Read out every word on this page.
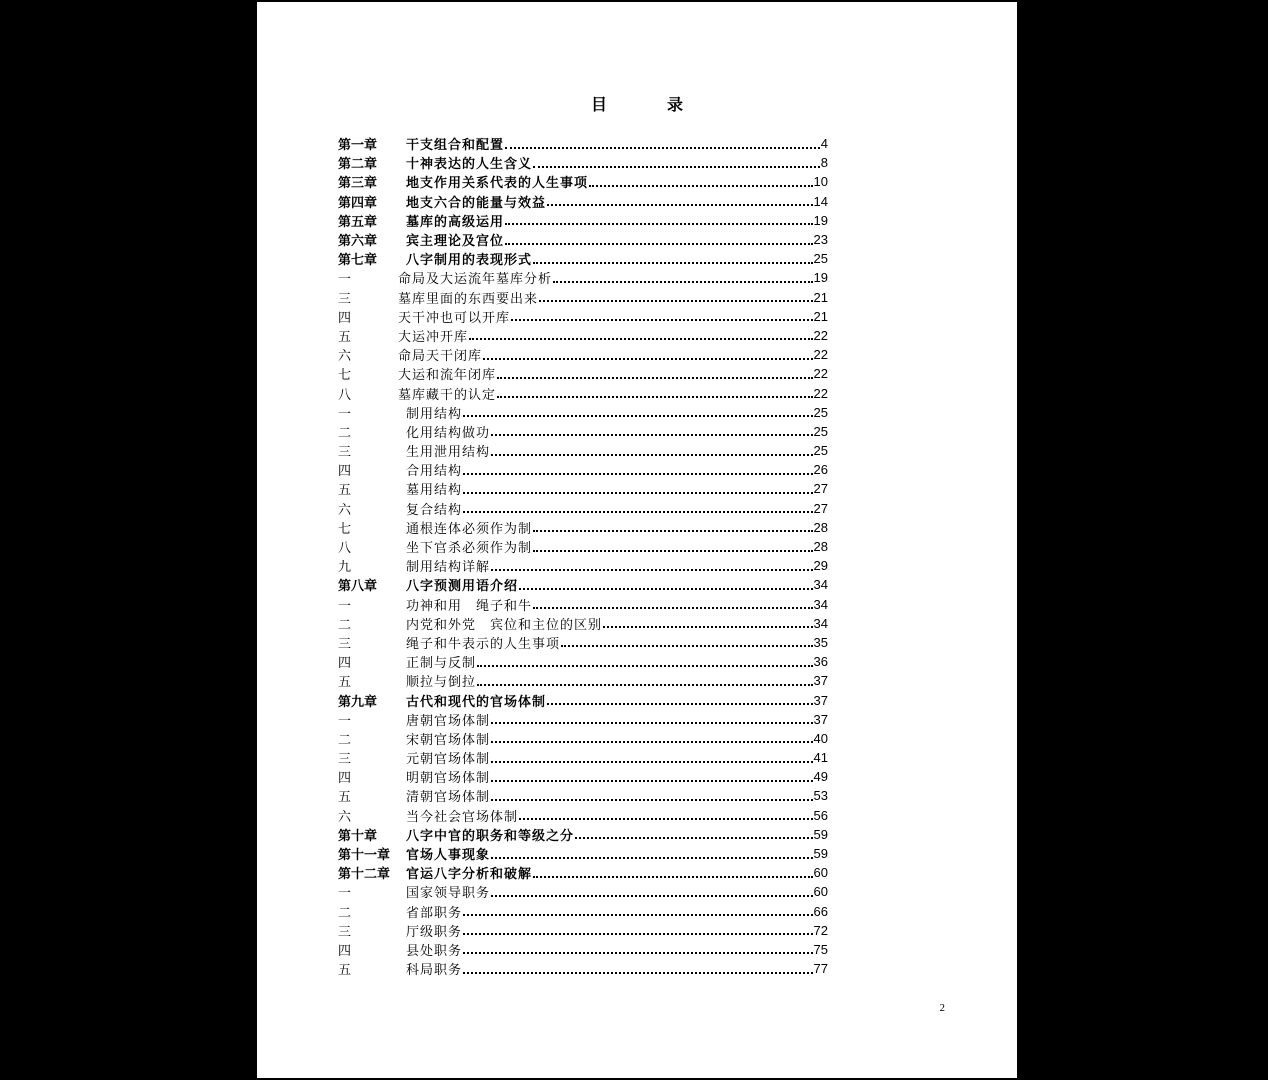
目	录
第一章	干支组合和配置	4
第二章	十神表达的人生含义	8
第三章	地支作用关系代表的人生事项	10
第四章	地支六合的能量与效益	14
第五章	墓库的高级运用	19
第六章	宾主理论及宫位	23
第七章	八字制用的表现形式	25
一	命局及大运流年墓库分析	19
三	墓库里面的东西要出来	21
四	天干冲也可以开库	21
五	大运冲开库	22
六	命局天干闭库	22
七	大运和流年闭库	22
八	墓库藏干的认定	22
一	制用结构	25
二	化用结构做功	25
三	生用泄用结构	25
四	合用结构	26
五	墓用结构	27
六	复合结构	27
七	通根连体必须作为制	28
八	坐下官杀必须作为制	28
九	制用结构详解	29
第八章	八字预测用语介绍	34
一	功神和用　绳子和牛	34
二	内党和外党　宾位和主位的区别	34
三	绳子和牛表示的人生事项	35
四	正制与反制	36
五	顺拉与倒拉	37
第九章	古代和现代的官场体制	37
一	唐朝官场体制	37
二	宋朝官场体制	40
三	元朝官场体制	41
四	明朝官场体制	49
五	清朝官场体制	53
六	当今社会官场体制	56
第十章	八字中官的职务和等级之分	59
第十一章	官场人事现象	59
第十二章	官运八字分析和破解	60
一	国家领导职务	60
二	省部职务	66
三	厅级职务	72
四	县处职务	75
五	科局职务	77
2
